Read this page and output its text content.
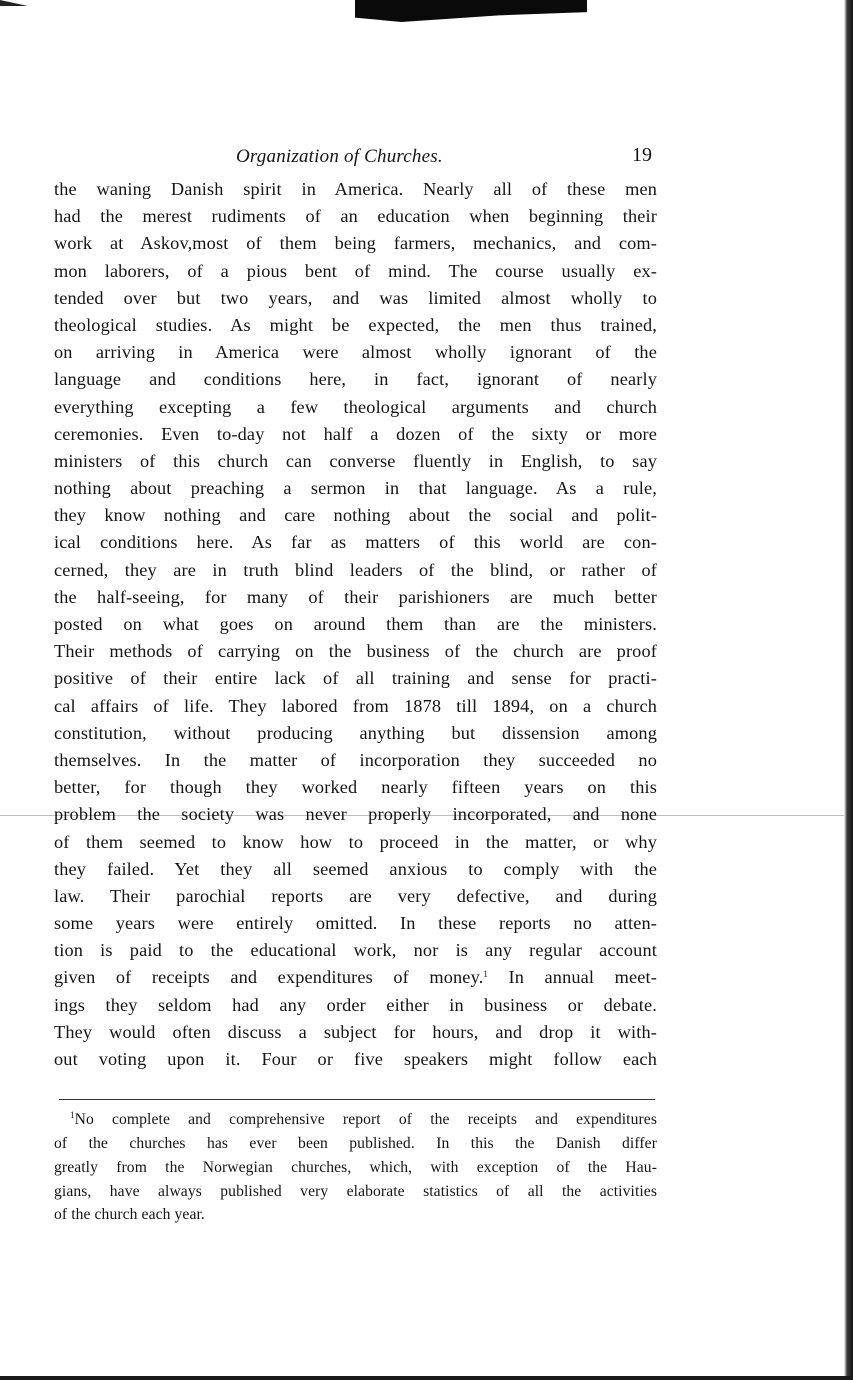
Organization of Churches.	19
the waning Danish spirit in America. Nearly all of these men
had the merest rudiments of an education when beginning their
work at Askov,most of them being farmers, mechanics, and com-
mon laborers, of a pious bent of mind. The course usually ex-
tended over but two years, and was limited almost wholly to
theological studies. As might be expected, the men thus trained,
on arriving in America were almost wholly ignorant of the
language and conditions here, in fact, ignorant of nearly
everything excepting a few theological arguments and church
ceremonies. Even to-day not half a dozen of the sixty or more
ministers of this church can converse fluently in English, to say
nothing about preaching a sermon in that language. As a rule,
they know nothing and care nothing about the social and polit-
ical conditions here. As far as matters of this world are con-
cerned, they are in truth blind leaders of the blind, or rather of
the half-seeing, for many of their parishioners are much better
posted on what goes on around them than are the ministers.
Their methods of carrying on the business of the church are proof
positive of their entire lack of all training and sense for practi-
cal affairs of life. They labored from 1878 till 1894, on a church
constitution, without producing anything but dissension among
themselves. In the matter of incorporation they succeeded no
better, for though they worked nearly fifteen years on this
problem the society was never properly incorporated, and none
of them seemed to know how to proceed in the matter, or why
they failed. Yet they all seemed anxious to comply with the
law. Their parochial reports are very defective, and during
some years were entirely omitted. In these reports no atten-
tion is paid to the educational work, nor is any regular account
given of receipts and expenditures of money.$^1$ In annual meet-
ings they seldom had any order either in business or debate.
They would often discuss a subject for hours, and drop it with-
out voting upon it. Four or five speakers might follow each
$^1$No complete and comprehensive report of the receipts and expenditures
of the churches has ever been published. In this the Danish differ
greatly from the Norwegian churches, which, with exception of the Hau-
gians, have always published very elaborate statistics of all the activities
of the church each year.
